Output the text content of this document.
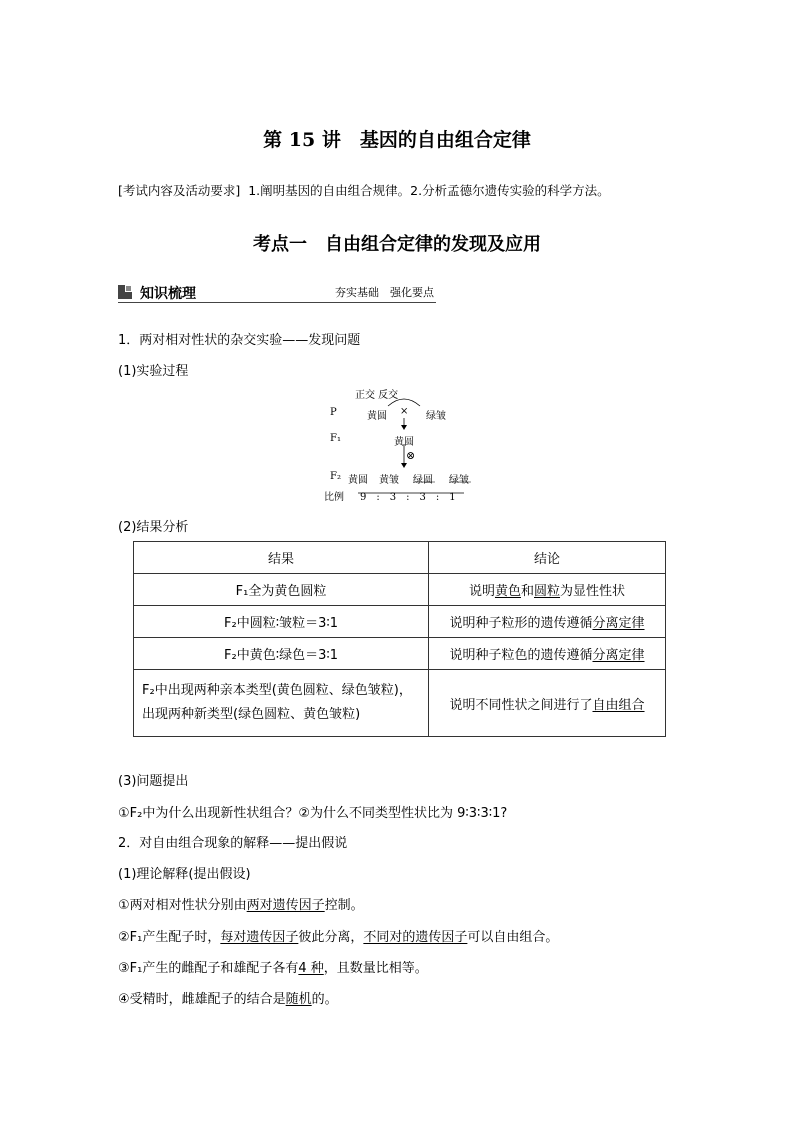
第 15 讲　基因的自由组合定律
[考试内容及活动要求] 1.阐明基因的自由组合规律。2.分析孟德尔遗传实验的科学方法。
考点一　自由组合定律的发现及应用
知识梳理	夯实基础　强化要点
1．两对相对性状的杂交实验——发现问题
(1)实验过程
正交 反交
P	黄圆 × 绿皱
F₁	黄圆
⊗
F₂ 黄圆 黄皱 绿圆 绿皱
比例 9　:　3　:　3　:　1
(2)结果分析
结果	结论
F₁全为黄色圆粒	说明黄色和圆粒为显性性状
F₂中圆粒∶皱粒＝3∶1	说明种子粒形的遗传遵循分离定律
F₂中黄色∶绿色＝3∶1	说明种子粒色的遗传遵循分离定律
F₂中出现两种亲本类型(黄色圆粒、绿色皱粒)，
出现两种新类型(绿色圆粒、黄色皱粒)	说明不同性状之间进行了自由组合
(3)问题提出
①F₂中为什么出现新性状组合？②为什么不同类型性状比为 9∶3∶3∶1?
2．对自由组合现象的解释——提出假说
(1)理论解释(提出假设)
①两对相对性状分别由两对遗传因子控制。
②F₁产生配子时，每对遗传因子彼此分离，不同对的遗传因子可以自由组合。
③F₁产生的雌配子和雄配子各有4 种，且数量比相等。
④受精时，雌雄配子的结合是随机的。
